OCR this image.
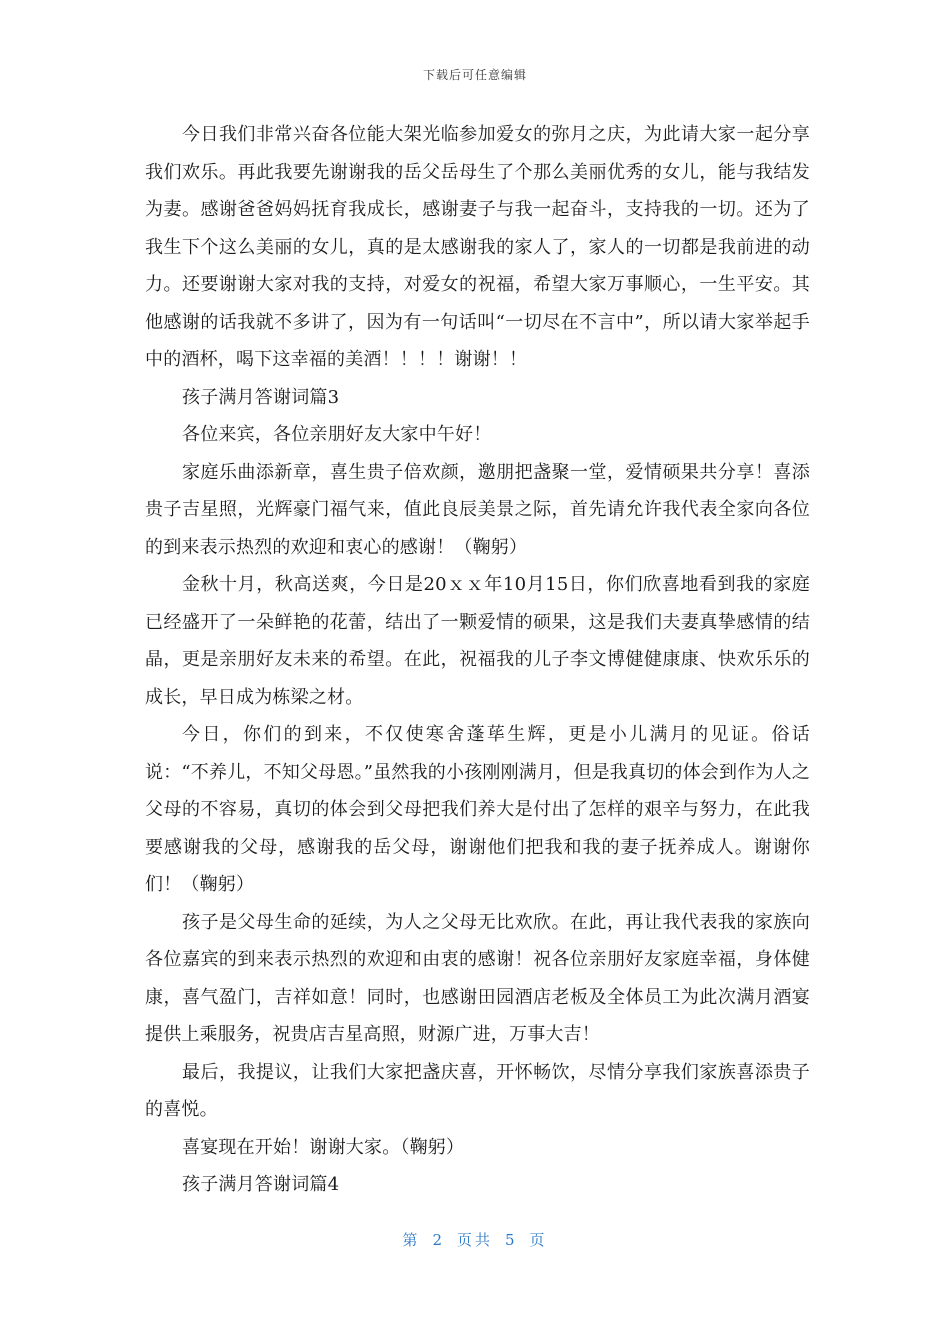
下载后可任意编辑

今日我们非常兴奋各位能大架光临参加爱女的弥月之庆，为此请大家一起分享我们欢乐。再此我要先谢谢我的岳父岳母生了个那么美丽优秀的女儿，能与我结发为妻。感谢爸爸妈妈抚育我成长，感谢妻子与我一起奋斗，支持我的一切。还为了我生下个这么美丽的女儿，真的是太感谢我的家人了，家人的一切都是我前进的动力。还要谢谢大家对我的支持，对爱女的祝福，希望大家万事顺心，一生平安。其他感谢的话我就不多讲了，因为有一句话叫“一切尽在不言中”，所以请大家举起手中的酒杯，喝下这幸福的美酒！！！！谢谢！！

孩子满月答谢词篇3

各位来宾，各位亲朋好友大家中午好！

家庭乐曲添新章，喜生贵子倍欢颜，邀朋把盏聚一堂，爱情硕果共分享！喜添贵子吉星照，光辉豪门福气来，值此良辰美景之际，首先请允许我代表全家向各位的到来表示热烈的欢迎和衷心的感谢！（鞠躬）

金秋十月，秋高送爽，今日是20ｘｘ年10月15日，你们欣喜地看到我的家庭已经盛开了一朵鲜艳的花蕾，结出了一颗爱情的硕果，这是我们夫妻真挚感情的结晶，更是亲朋好友未来的希望。在此，祝福我的儿子李文博健健康康、快欢乐乐的成长，早日成为栋梁之材。

今日，你们的到来，不仅使寒舍蓬荜生辉，更是小儿满月的见证。俗话说：“不养儿，不知父母恩。”虽然我的小孩刚刚满月，但是我真切的体会到作为人之父母的不容易，真切的体会到父母把我们养大是付出了怎样的艰辛与努力，在此我要感谢我的父母，感谢我的岳父母，谢谢他们把我和我的妻子抚养成人。谢谢你们！（鞠躬）

孩子是父母生命的延续，为人之父母无比欢欣。在此，再让我代表我的家族向各位嘉宾的到来表示热烈的欢迎和由衷的感谢！祝各位亲朋好友家庭幸福，身体健康，喜气盈门，吉祥如意！同时，也感谢田园酒店老板及全体员工为此次满月酒宴提供上乘服务，祝贵店吉星高照，财源广进，万事大吉！

最后，我提议，让我们大家把盏庆喜，开怀畅饮，尽情分享我们家族喜添贵子的喜悦。

喜宴现在开始！谢谢大家。（鞠躬）

孩子满月答谢词篇4

第 2 页共 5 页
